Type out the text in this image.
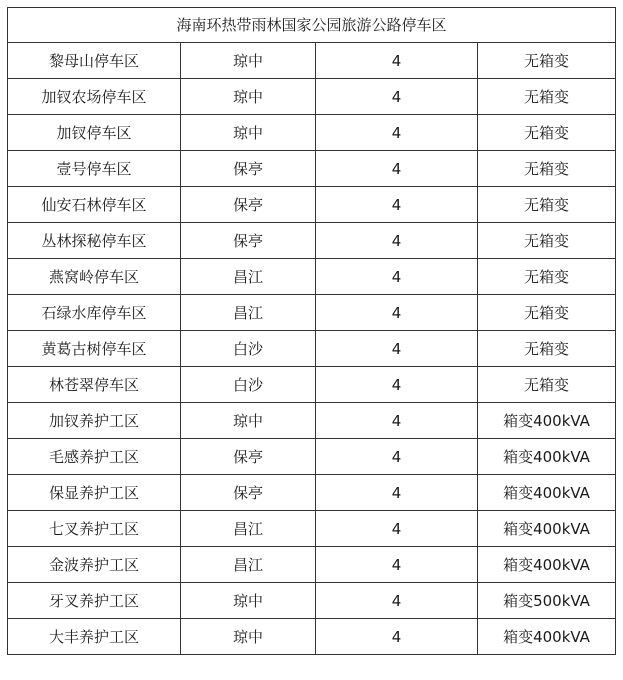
海南环热带雨林国家公园旅游公路停车区			
黎母山停车区	琼中	4	无箱变
加钗农场停车区	琼中	4	无箱变
加钗停车区	琼中	4	无箱变
壹号停车区	保亭	4	无箱变
仙安石林停车区	保亭	4	无箱变
丛林探秘停车区	保亭	4	无箱变
燕窝岭停车区	昌江	4	无箱变
石绿水库停车区	昌江	4	无箱变
黄葛古树停车区	白沙	4	无箱变
林苍翠停车区	白沙	4	无箱变
加钗养护工区	琼中	4	箱变400kVA
毛感养护工区	保亭	4	箱变400kVA
保显养护工区	保亭	4	箱变400kVA
七叉养护工区	昌江	4	箱变400kVA
金波养护工区	昌江	4	箱变400kVA
牙叉养护工区	琼中	4	箱变500kVA
大丰养护工区	琼中	4	箱变400kVA
